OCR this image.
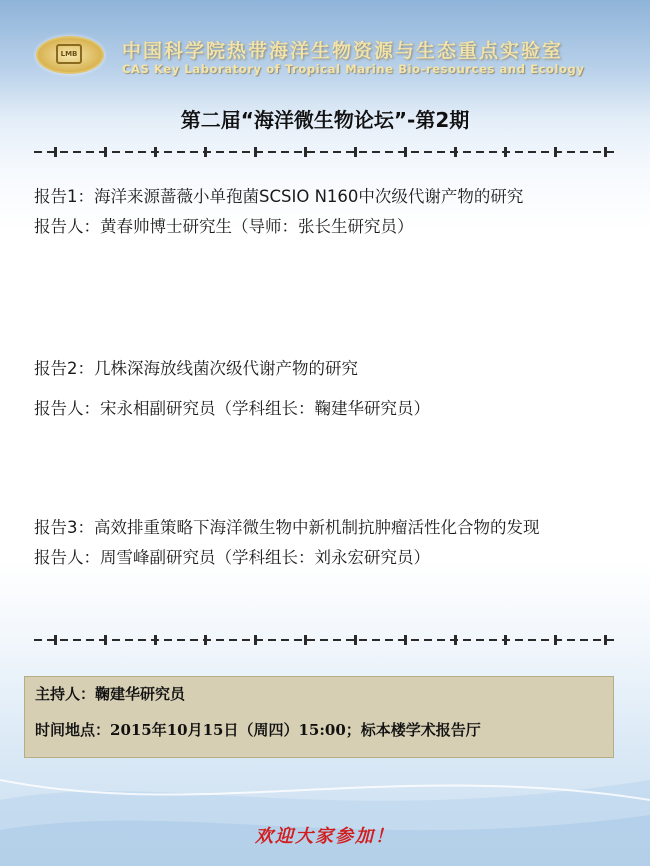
LMB 中国科学院热带海洋生物资源与生态重点实验室
CAS Key Laboratory of Tropical Marine Bio-resources and Ecology
第二届“海洋微生物论坛”-第2期

报告1：海洋来源蔷薇小单孢菌SCSIO N160中次级代谢产物的研究

报告人：黄春帅博士研究生（导师：张长生研究员）

报告2：几株深海放线菌次级代谢产物的研究

报告人：宋永相副研究员（学科组长：鞠建华研究员）

报告3：高效排重策略下海洋微生物中新机制抗肿瘤活性化合物的发现

报告人：周雪峰副研究员（学科组长：刘永宏研究员）

主持人：鞠建华研究员

时间地点：2015年10月15日（周四）15:00；标本楼学术报告厅

欢迎大家参加！
